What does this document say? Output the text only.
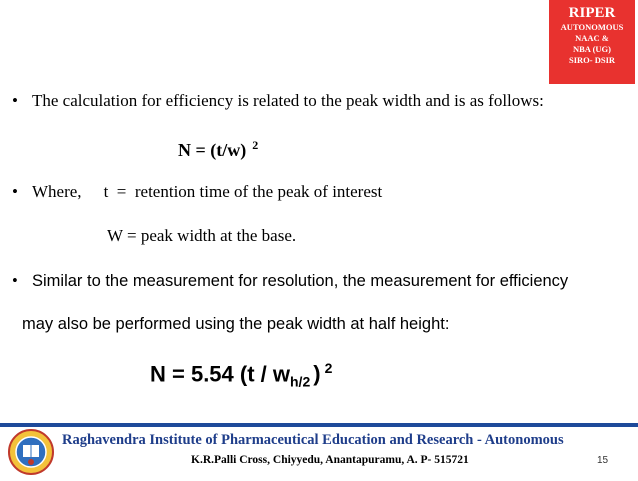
RIPER
AUTONOMOUS
NAAC &
NBA (UG)
SIRO- DSIR
• The calculation for efficiency is related to the peak width and is as follows:
N = (t/w) $^2$
• Where, t  =  retention time of the peak of interest
W = peak width at the base.
• Similar to the measurement for resolution, the measurement for efficiency
may also be performed using the peak width at half height:
N = 5.54 ($t / w_{h/2}$ ) $^2$
Raghavendra Institute of Pharmaceutical Education and Research - Autonomous
K.R.Palli Cross, Chiyyedu, Anantapuramu, A. P- 515721	15
